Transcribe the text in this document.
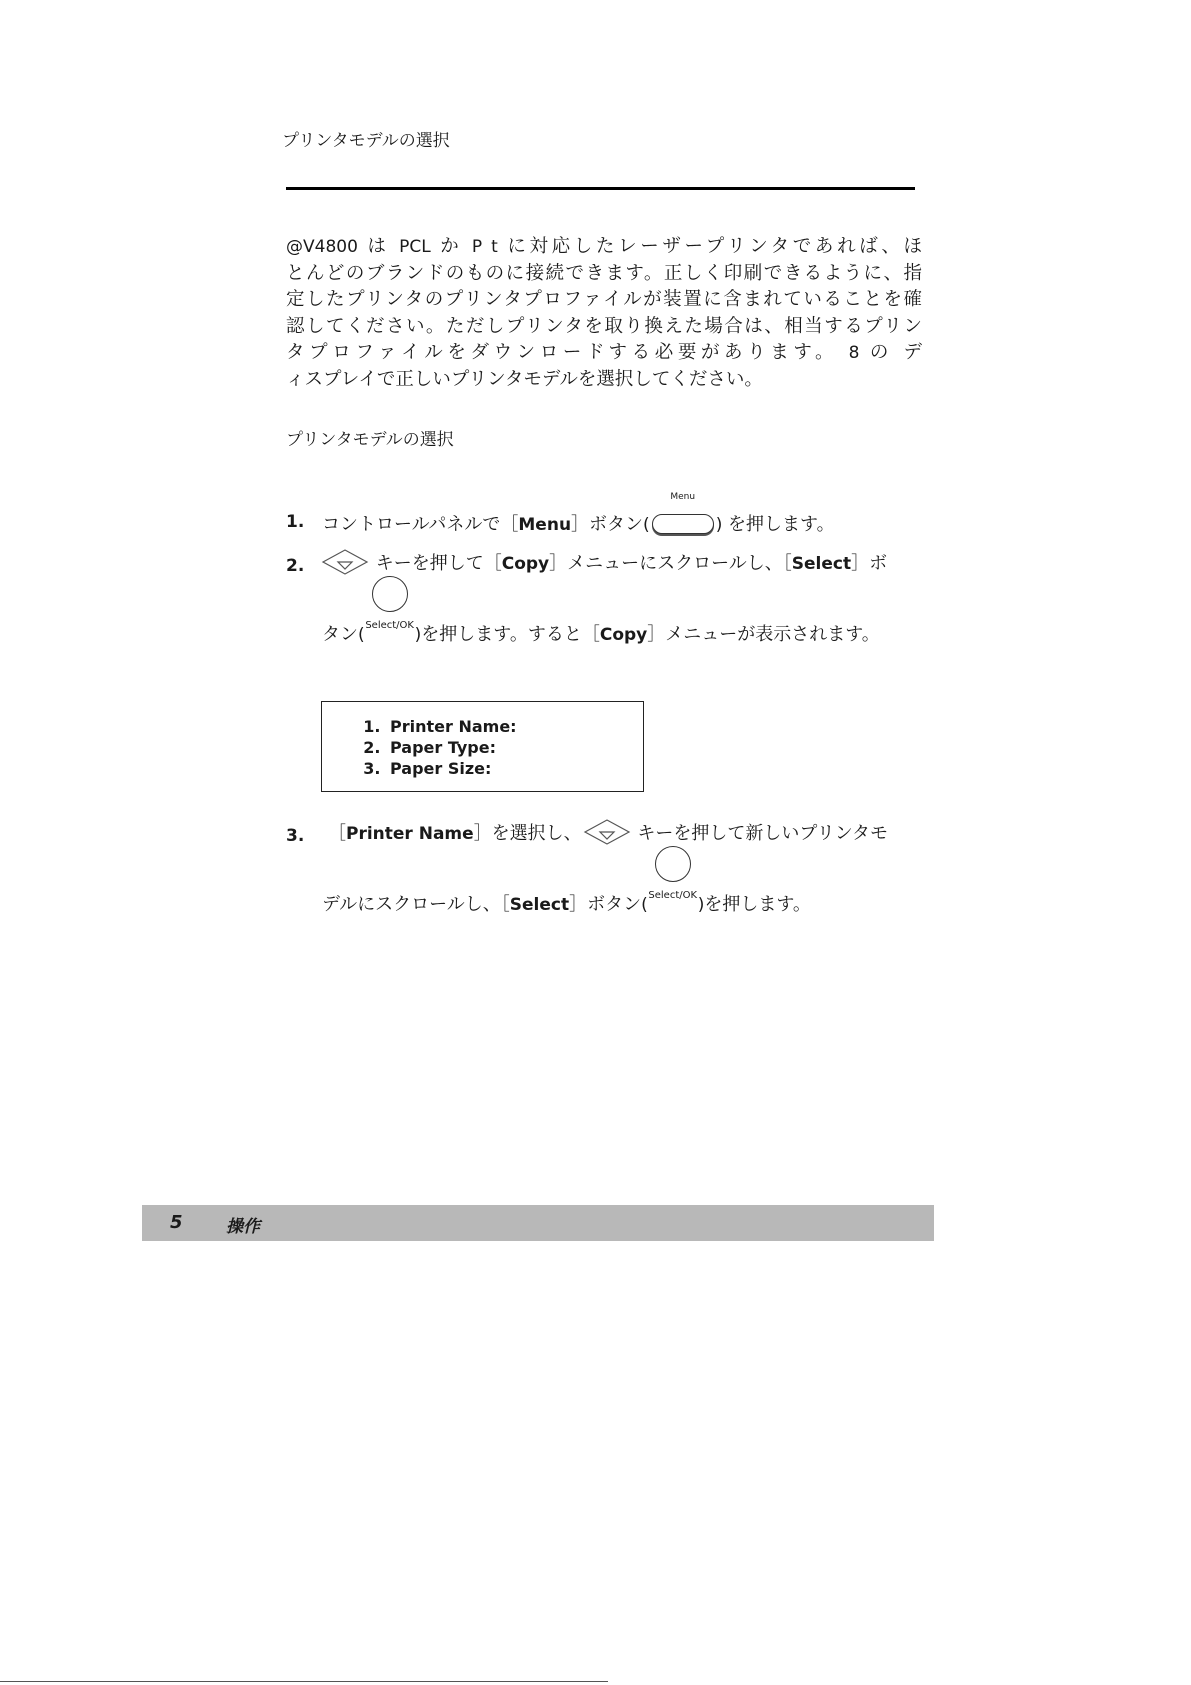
プリンタモデルの選択
@V4800 は PCL か P t に対応したレーザープリンタであれば、ほ
とんどのブランドのものに接続できます。正しく印刷できるように、指
定したプリンタのプリンタプロファイルが装置に含まれていることを確
認してください。ただしプリンタを取り換えた場合は、相当するプリン
タプロファイルをダウンロードする必要があります。 8 の デ
ィスプレイで正しいプリンタモデルを選択してください。
プリンタモデルの選択
1. コントロールパネルで［Menu］ボタン(
Menu
) を押します。
2.	キーを押して［Copy］メニューにスクロールし、［Select］ボ
タン( Select/OK )を押します。すると［Copy］メニューが表示されます。
1. Printer Name:
2. Paper Type:
3. Paper Size:
3. ［Printer Name］を選択し、	キーを押して新しいプリンタモ
デルにスクロールし、［Select］ボタン( Select/OK )を押します。
5	操作
